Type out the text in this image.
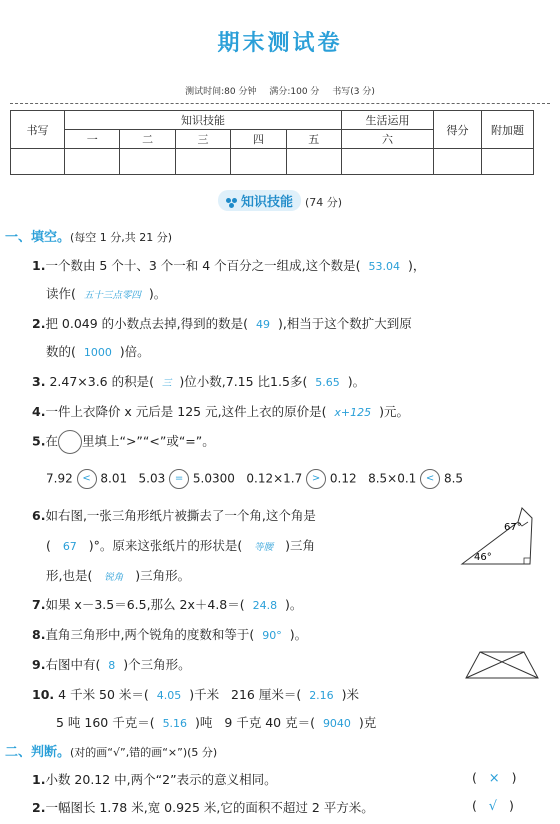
期末测试卷
测试时间:80 分钟 满分:100 分 书写(3 分)
书写	知识技能					生活运用	得分	附加题
	一	二	三	四	五	六		

知识技能 (74 分)
一、填空。(每空 1 分,共 21 分)
1.一个数由 5 个十、3 个一和 4 个百分之一组成,这个数是( 53.04 )，
读作( 五十三点零四 )。
2.把 0.049 的小数点去掉,得到的数是( 49 ),相当于这个数扩大到原
数的( 1000 )倍。
3. 2.47×3.6 的积是( 三 )位小数,7.15 比1.5多( 5.65 )。
4.一件上衣降价 x 元后是 125 元,这件上衣的原价是( x+125 )元。
5.在 里填上“>”“<”或“=”。
7.92 < 8.01 5.03 = 5.0300 0.12×1.7 > 0.12 8.5×0.1 < 8.5
6.如右图,一张三角形纸片被撕去了一个角,这个角是
( 67 )°。原来这张纸片的形状是( 等腰 )三角
形,也是( 锐角 )三角形。
67°
46°
7.如果 x－3.5＝6.5,那么 2x＋4.8＝( 24.8 )。
8.直角三角形中,两个锐角的度数和等于( 90° )。
9.右图中有( 8 )个三角形。
10. 4 千米 50 米＝( 4.05 )千米 216 厘米＝( 2.16 )米
5 吨 160 千克＝( 5.16 )吨 9 千克 40 克＝( 9040 )克
二、判断。(对的画“√”,错的画“×”)(5 分)
1.小数 20.12 中,两个“2”表示的意义相同。	(   ×   )
2.一幅图长 1.78 米,宽 0.925 米,它的面积不超过 2 平方米。	(   √   )
